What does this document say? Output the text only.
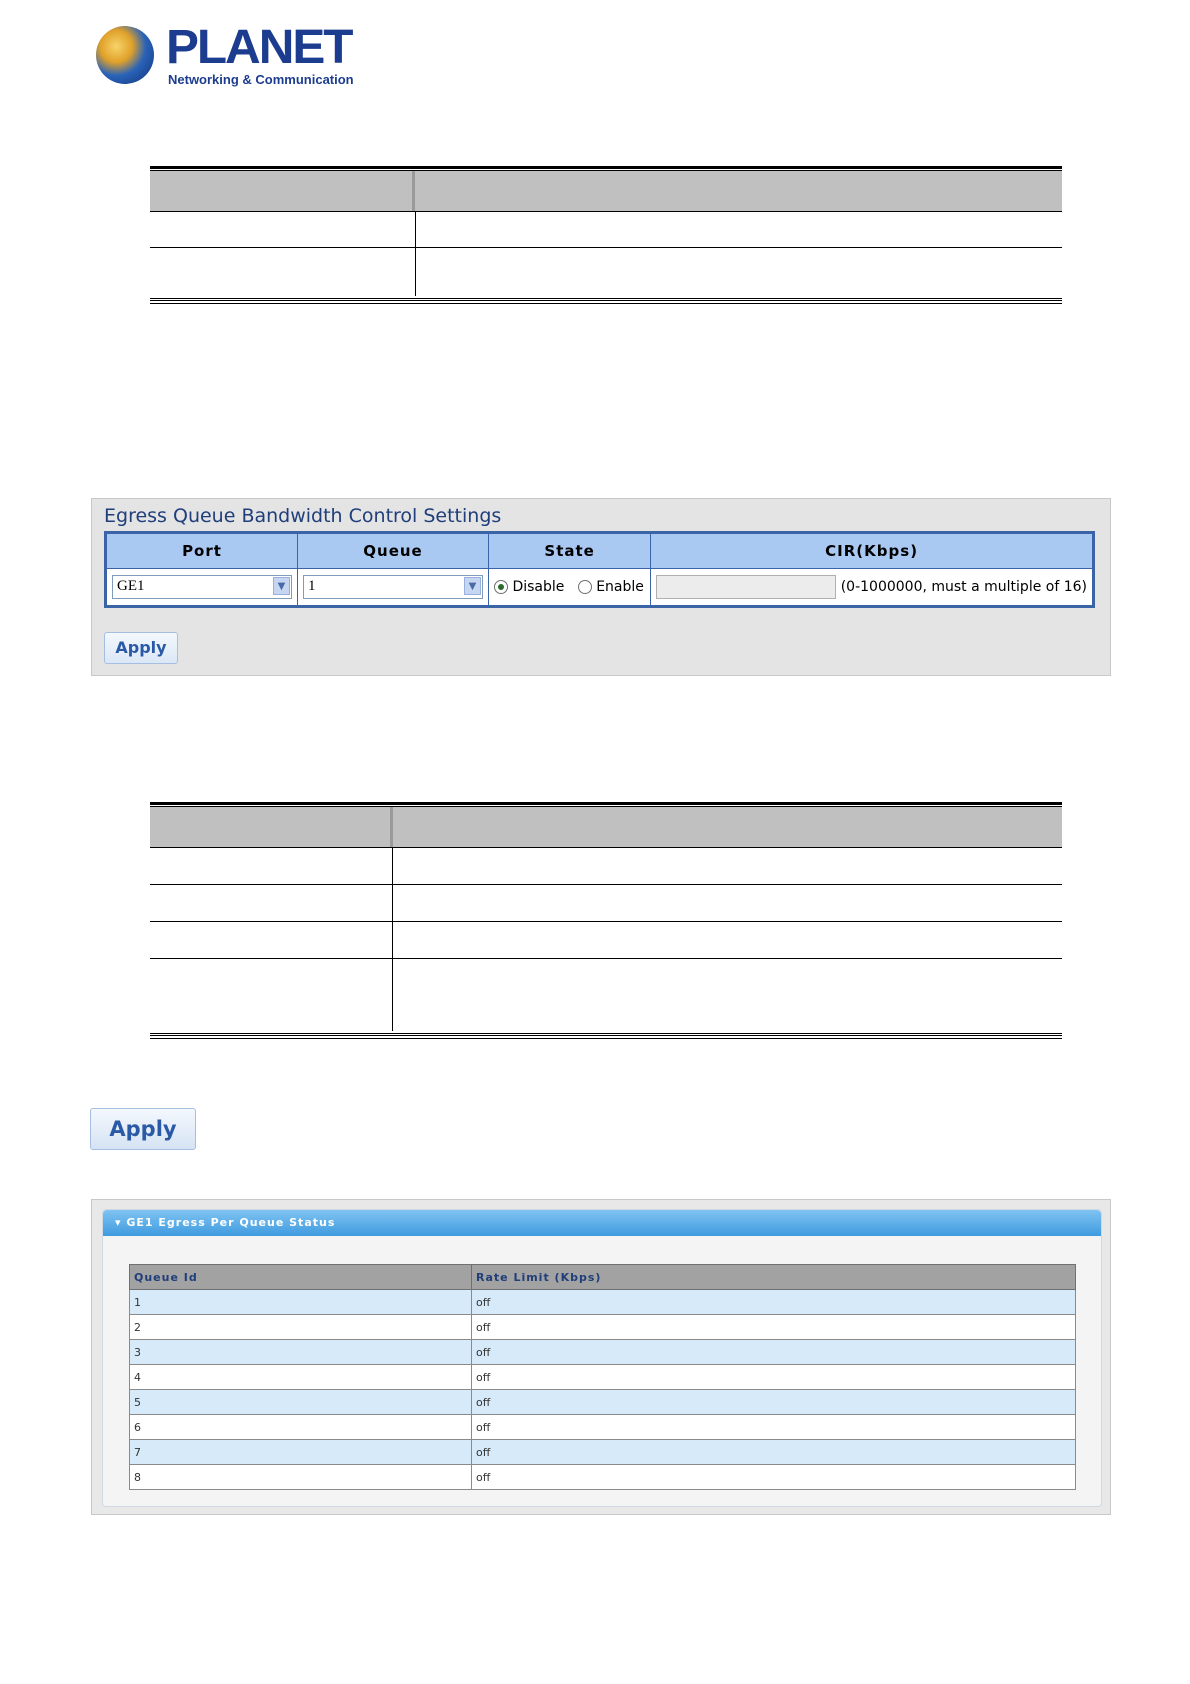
PLANET
Networking & Communication
Egress Queue Bandwidth Control Settings
Port	Queue	State	CIR(Kbps)

GE1 ▼	1 ▼	Disable Enable	(0-1000000, must a multiple of 16)
Apply
Apply
▾ GE1 Egress Per Queue Status
Queue Id	Rate Limit (Kbps)
1	off
2	off
3	off
4	off
5	off
6	off
7	off
8	off
